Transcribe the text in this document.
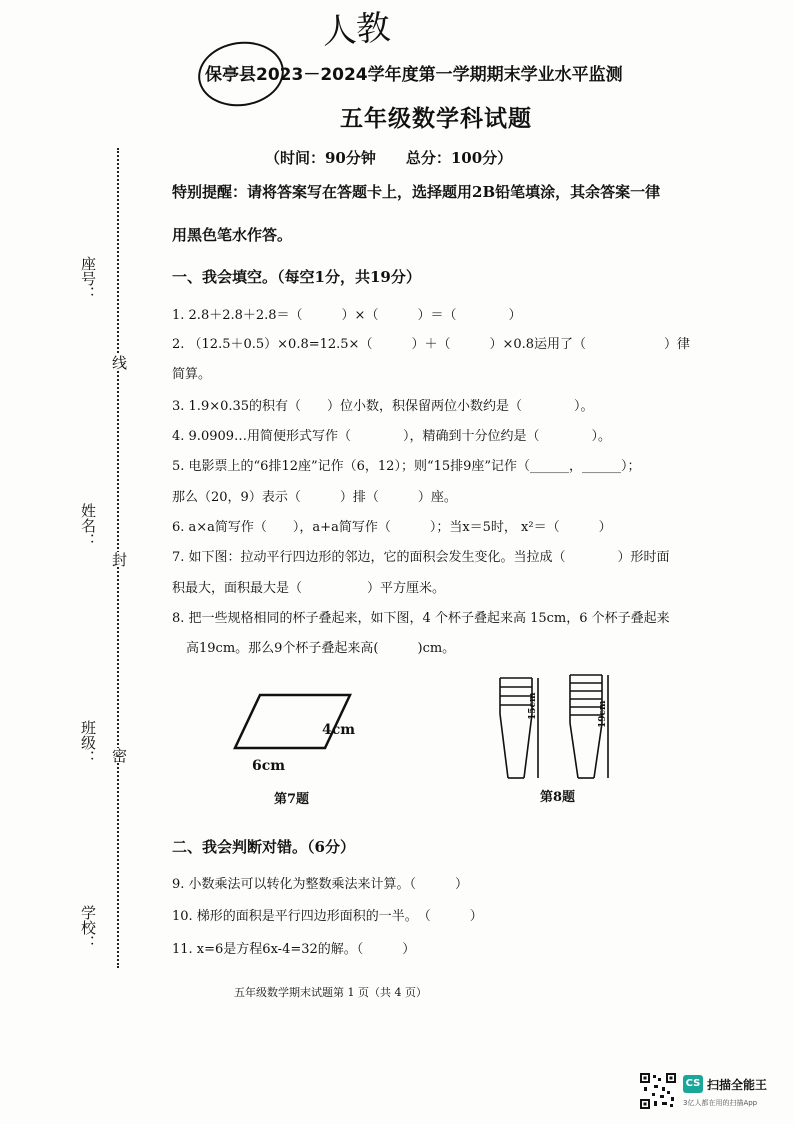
人教
保亭县2023－2024学年度第一学期期末学业水平监测
五年级数学科试题
（时间：90分钟　　总分：100分）
特别提醒：请将答案写在答题卡上，选择题用2B铅笔填涂，其余答案一律
用黑色笔水作答。
座号：
姓名：
班级：
学校：
线
封
密
一、我会填空。（每空1分，共19分）
1. 2.8＋2.8＋2.8＝（　　　）×（　　　）＝（　　　　）
2. （12.5＋0.5）×0.8=12.5×（　　　）＋（　　　）×0.8运用了（　　　　　　）律
简算。
3. 1.9×0.35的积有（　　）位小数，积保留两位小数约是（　　　　）。
4. 9.0909…用简便形式写作（　　　　），精确到十分位约是（　　　　）。
5. 电影票上的“6排12座”记作（6，12）；则“15排9座”记作（______，______）；
那么（20，9）表示（　　　）排（　　　）座。
6. a×a简写作（　　），a+a简写作（　　　）；当x＝5时， x²＝（　　　）
7. 如下图：拉动平行四边形的邻边，它的面积会发生变化。当拉成（　　　　）形时面
积最大，面积最大是（　　　　　）平方厘米。
8. 把一些规格相同的杯子叠起来，如下图，4 个杯子叠起来高 15cm，6 个杯子叠起来
高19cm。那么9个杯子叠起来高(　　　)cm。
4cm
6cm
第7题
15cm	19cm
第8题
二、我会判断对错。（6分）
9. 小数乘法可以转化为整数乘法来计算。（　　　）
10. 梯形的面积是平行四边形面积的一半。　（　　　）
11. x=6是方程6x-4=32的解。（　　　）
五年级数学期末试题第 1 页（共 4 页）
CS 扫描全能王
3亿人都在用的扫描App
